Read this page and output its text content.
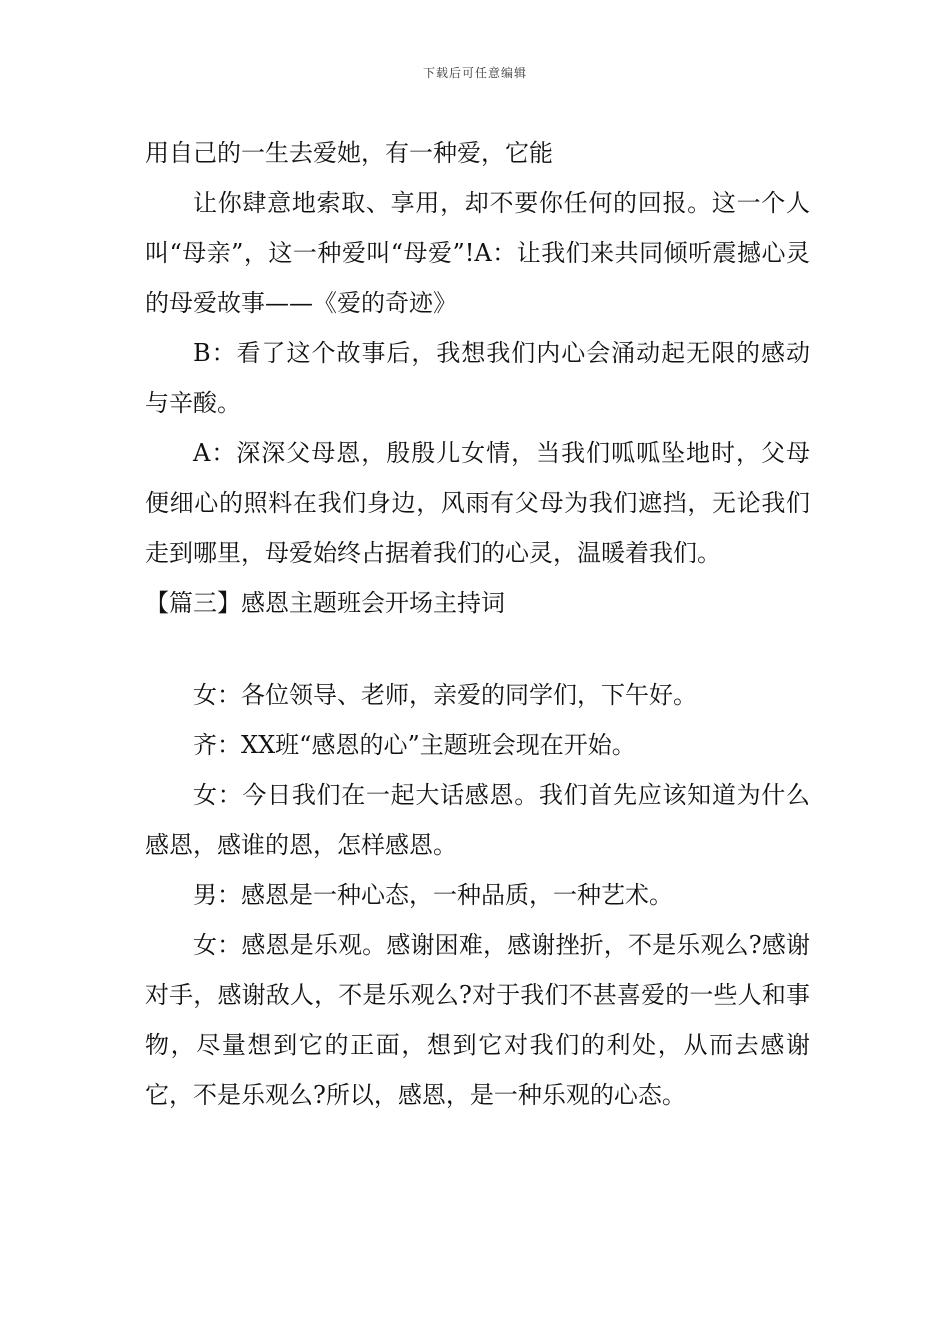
下载后可任意编辑

用自己的一生去爱她，有一种爱，它能

让你肆意地索取、享用，却不要你任何的回报。这一个人叫“母亲”，这一种爱叫“母爱”!A：让我们来共同倾听震撼心灵的母爱故事——《爱的奇迹》

B：看了这个故事后，我想我们内心会涌动起无限的感动与辛酸。

A：深深父母恩，殷殷儿女情，当我们呱呱坠地时，父母便细心的照料在我们身边，风雨有父母为我们遮挡，无论我们走到哪里，母爱始终占据着我们的心灵，温暖着我们。

【篇三】感恩主题班会开场主持词

女：各位领导、老师，亲爱的同学们，下午好。

齐：XX班“感恩的心”主题班会现在开始。

女：今日我们在一起大话感恩。我们首先应该知道为什么感恩，感谁的恩，怎样感恩。

男：感恩是一种心态，一种品质，一种艺术。

女：感恩是乐观。感谢困难，感谢挫折，不是乐观么?感谢对手，感谢敌人，不是乐观么?对于我们不甚喜爱的一些人和事物，尽量想到它的正面，想到它对我们的利处，从而去感谢它，不是乐观么?所以，感恩，是一种乐观的心态。
